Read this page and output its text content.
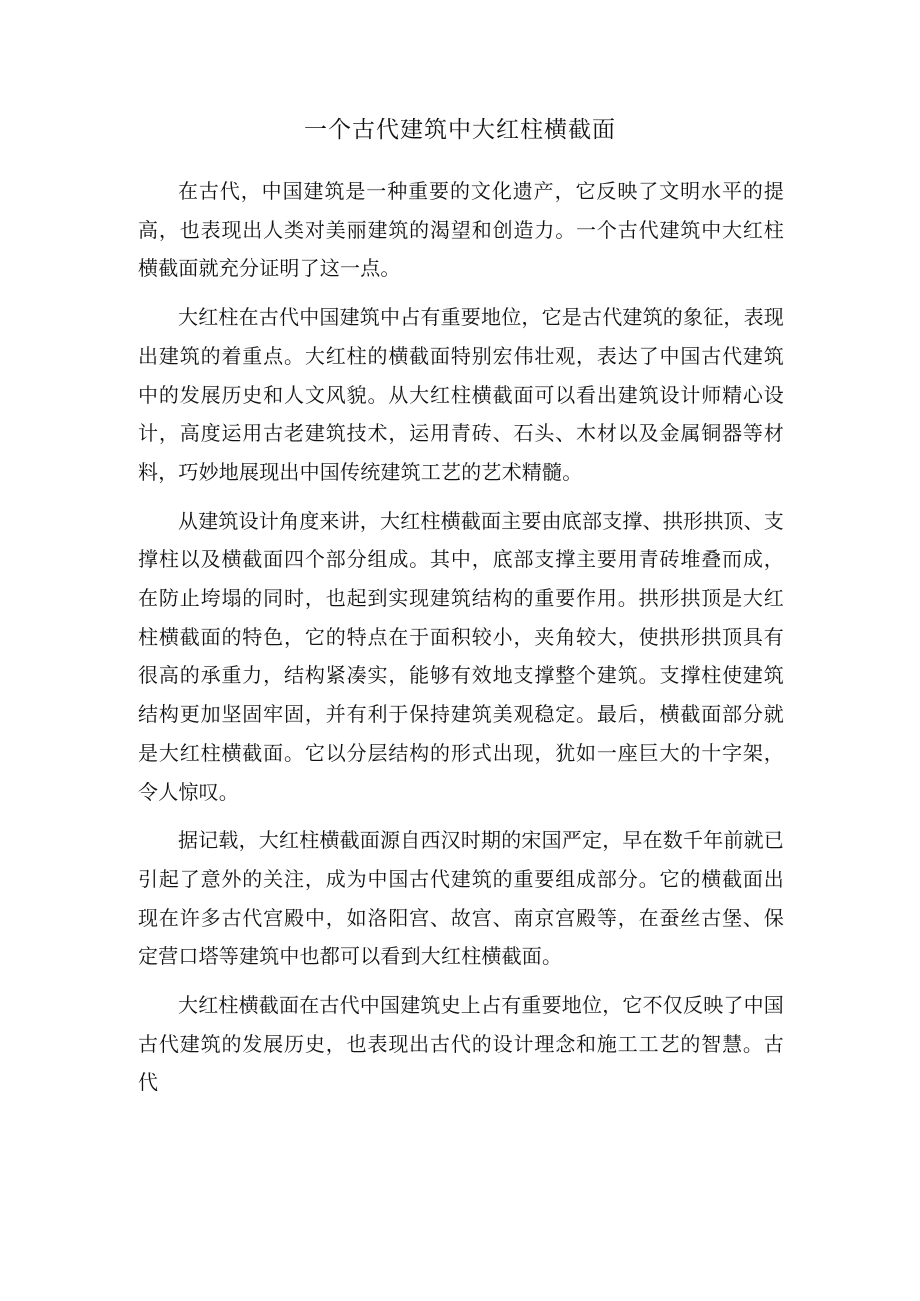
一个古代建筑中大红柱横截面

在古代，中国建筑是一种重要的文化遗产，它反映了文明水平的提高，也表现出人类对美丽建筑的渴望和创造力。一个古代建筑中大红柱横截面就充分证明了这一点。

大红柱在古代中国建筑中占有重要地位，它是古代建筑的象征，表现出建筑的着重点。大红柱的横截面特别宏伟壮观，表达了中国古代建筑中的发展历史和人文风貌。从大红柱横截面可以看出建筑设计师精心设计，高度运用古老建筑技术，运用青砖、石头、木材以及金属铜器等材料，巧妙地展现出中国传统建筑工艺的艺术精髓。

从建筑设计角度来讲，大红柱横截面主要由底部支撑、拱形拱顶、支撑柱以及横截面四个部分组成。其中，底部支撑主要用青砖堆叠而成，在防止垮塌的同时，也起到实现建筑结构的重要作用。拱形拱顶是大红柱横截面的特色，它的特点在于面积较小，夹角较大，使拱形拱顶具有很高的承重力，结构紧凑实，能够有效地支撑整个建筑。支撑柱使建筑结构更加坚固牢固，并有利于保持建筑美观稳定。最后，横截面部分就是大红柱横截面。它以分层结构的形式出现，犹如一座巨大的十字架，令人惊叹。

据记载，大红柱横截面源自西汉时期的宋国严定，早在数千年前就已引起了意外的关注，成为中国古代建筑的重要组成部分。它的横截面出现在许多古代宫殿中，如洛阳宫、故宫、南京宫殿等，在蚕丝古堡、保定营口塔等建筑中也都可以看到大红柱横截面。

大红柱横截面在古代中国建筑史上占有重要地位，它不仅反映了中国古代建筑的发展历史，也表现出古代的设计理念和施工工艺的智慧。古代
